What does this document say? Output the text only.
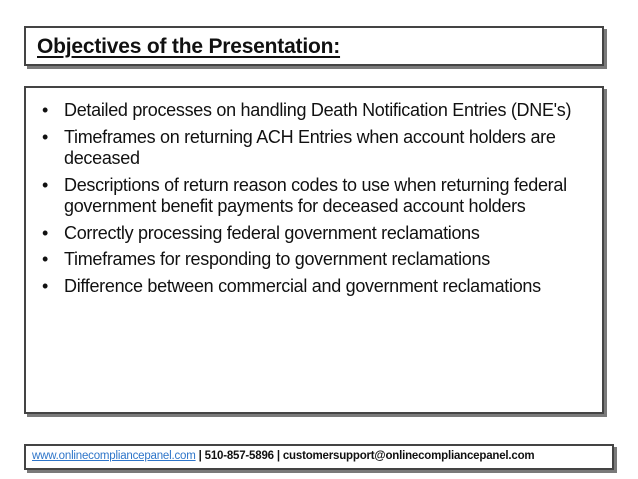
Objectives of the Presentation:
• Detailed processes on handling Death Notification Entries (DNE's)
• Timeframes on returning ACH Entries when account holders are deceased
• Descriptions of return reason codes to use when returning federal government benefit payments for deceased account holders
• Correctly processing federal government reclamations
• Timeframes for responding to government reclamations
• Difference between commercial and government reclamations
www.onlinecompliancepanel.com | 510-857-5896 | customersupport@onlinecompliancepanel.com
